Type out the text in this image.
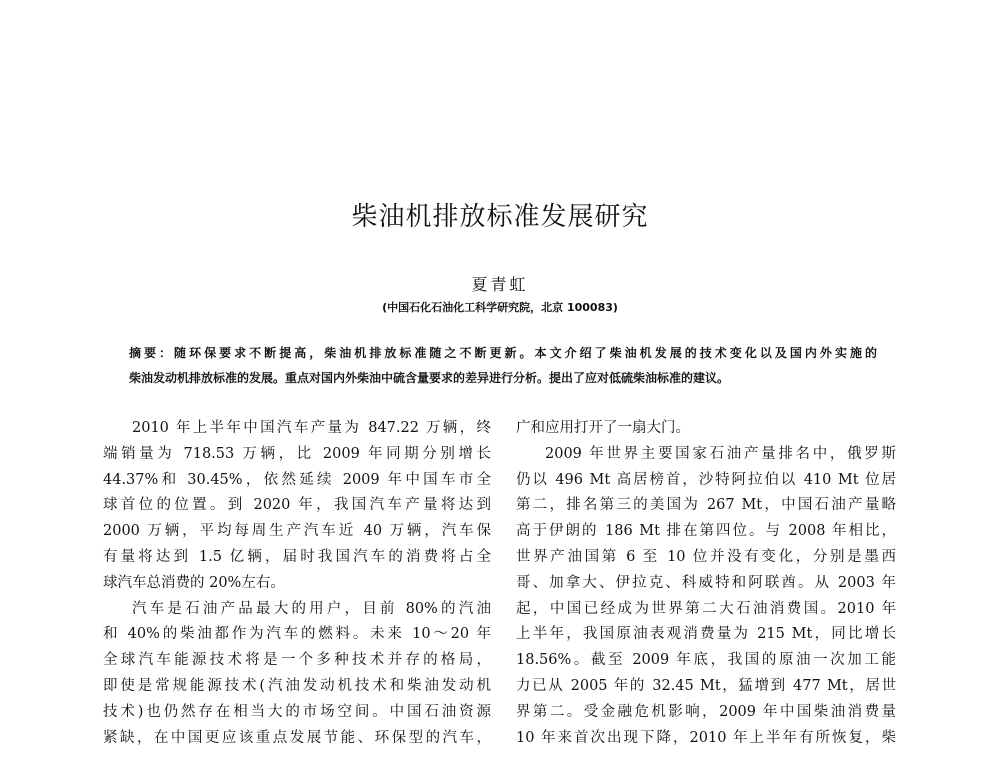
柴油机排放标准发展研究
夏青虹
(中国石化石油化工科学研究院，北京 100083)
摘要：随环保要求不断提高，柴油机排放标准随之不断更新。本文介绍了柴油机发展的技术变化以及国内外实施的
柴油发动机排放标准的发展。重点对国内外柴油中硫含量要求的差异进行分析。提出了应对低硫柴油标准的建议。
2010 年上半年中国汽车产量为 847.22 万辆，终
端销量为 718.53 万辆，比 2009 年同期分别增长
44.37%和 30.45%，依然延续 2009 年中国车市全
球首位的位置。到 2020 年，我国汽车产量将达到
2000 万辆，平均每周生产汽车近 40 万辆，汽车保
有量将达到 1.5 亿辆，届时我国汽车的消费将占全
球汽车总消费的 20%左右。
汽车是石油产品最大的用户，目前 80%的汽油
和 40%的柴油都作为汽车的燃料。未来 10～20 年
全球汽车能源技术将是一个多种技术并存的格局，
即使是常规能源技术(汽油发动机技术和柴油发动机
技术)也仍然存在相当大的市场空间。中国石油资源
紧缺，在中国更应该重点发展节能、环保型的汽车，
广和应用打开了一扇大门。
2009 年世界主要国家石油产量排名中，俄罗斯
仍以 496 Mt 高居榜首，沙特阿拉伯以 410 Mt 位居
第二，排名第三的美国为 267 Mt，中国石油产量略
高于伊朗的 186 Mt 排在第四位。与 2008 年相比，
世界产油国第 6 至 10 位并没有变化，分别是墨西
哥、加拿大、伊拉克、科威特和阿联酋。从 2003 年
起，中国已经成为世界第二大石油消费国。2010 年
上半年，我国原油表观消费量为 215 Mt，同比增长
18.56%。截至 2009 年底，我国的原油一次加工能
力已从 2005 年的 32.45 Mt，猛增到 477 Mt，居世
界第二。受金融危机影响，2009 年中国柴油消费量
10 年来首次出现下降，2010 年上半年有所恢复，柴
